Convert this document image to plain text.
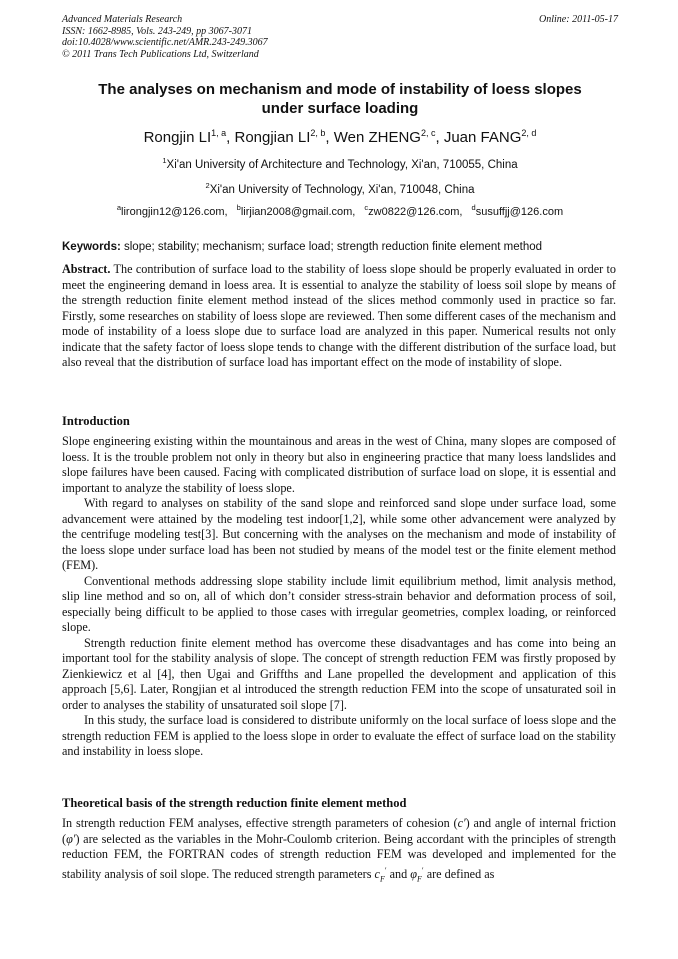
Advanced Materials Research
ISSN: 1662-8985, Vols. 243-249, pp 3067-3071
doi:10.4028/www.scientific.net/AMR.243-249.3067
© 2011 Trans Tech Publications Ltd, Switzerland
Online: 2011-05-17
The analyses on mechanism and mode of instability of loess slopes
under surface loading
Rongjin LI$^{1, a}$, Rongjian LI$^{2, b}$, Wen ZHENG$^{2, c}$, Juan FANG$^{2, d}$
$^1$Xi'an University of Architecture and Technology, Xi'an, 710055, China
$^2$Xi'an University of Technology, Xi'an, 710048, China
$^a$lirongjin12@126.com, $^b$lirjian2008@gmail.com, $^c$zw0822@126.com, $^d$susuffjj@126.com
Keywords: slope; stability; mechanism; surface load; strength reduction finite element method

Abstract. The contribution of surface load to the stability of loess slope should be properly evaluated in order to meet the engineering demand in loess area. It is essential to analyze the stability of loess soil slope by means of the strength reduction finite element method instead of the slices method commonly used in practice so far. Firstly, some researches on stability of loess slope are reviewed. Then some different cases of the mechanism and mode of instability of a loess slope due to surface load are analyzed in this paper. Numerical results not only indicate that the safety factor of loess slope tends to change with the different distribution of the surface load, but also reveal that the distribution of surface load has important effect on the mode of instability of slope.

Introduction

Slope engineering existing within the mountainous and areas in the west of China, many slopes are composed of loess. It is the trouble problem not only in theory but also in engineering practice that many loess landslides and slope failures have been caused. Facing with complicated distribution of surface load on slope, it is essential and important to analyze the stability of loess slope.

With regard to analyses on stability of the sand slope and reinforced sand slope under surface load, some advancement were attained by the modeling test indoor[1,2], while some other advancement were analyzed by the centrifuge modeling test[3]. But concerning with the analyses on the mechanism and mode of instability of the loess slope under surface load has been not studied by means of the model test or the finite element method (FEM).

Conventional methods addressing slope stability include limit equilibrium method, limit analysis method, slip line method and so on, all of which don’t consider stress-strain behavior and deformation process of soil, especially being difficult to be applied to those cases with irregular geometries, complex loading, or reinforced slope.

Strength reduction finite element method has overcome these disadvantages and has come into being an important tool for the stability analysis of slope. The concept of strength reduction FEM was firstly proposed by Zienkiewicz et al [4], then Ugai and Griffths and Lane propelled the development and application of this approach [5,6]. Later, Rongjian et al introduced the strength reduction FEM into the scope of unsaturated soil in order to analyses the stability of unsaturated soil slope [7].

In this study, the surface load is considered to distribute uniformly on the local surface of loess slope and the strength reduction FEM is applied to the loess slope in order to evaluate the effect of surface load on the stability and instability in loess slope.

Theoretical basis of the strength reduction finite element method

In strength reduction FEM analyses, effective strength parameters of cohesion (c′) and angle of internal friction (φ′) are selected as the variables in the Mohr-Coulomb criterion. Being accordant with the principles of strength reduction FEM, the FORTRAN codes of strength reduction FEM was developed and implemented for the stability analysis of soil slope. The reduced strength parameters $c_F'$ and $\varphi_F'$ are defined as
